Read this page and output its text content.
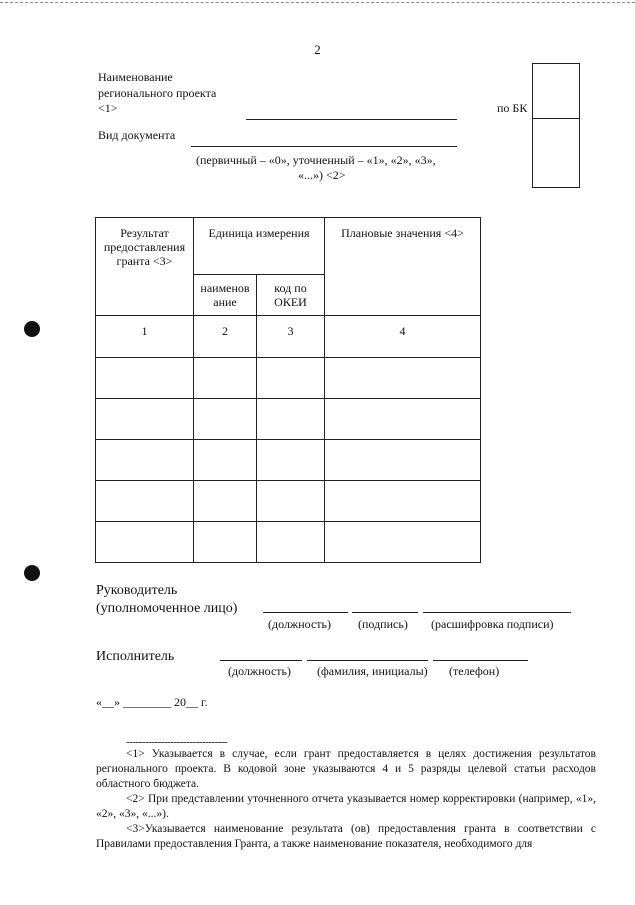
2
Наименование
регионального проекта
<1>	по БК
Вид документа
(первичный – «0», уточненный – «1», «2», «3»,
«...») <2>
Результат предоставления гранта <3>	Единица измерения		Плановые значения <4>

	наименов ание	код по ОКЕИ	

1	2	3	4

Руководитель
(уполномоченное лицо)
(должность) (подпись) (расшифровка подписи)
Исполнитель
(должность) (фамилия, инициалы) (телефон)
«__» ________ 20__ г.
--------------------------------
<1> Указывается в случае, если грант предоставляется в целях достижения результатов регионального проекта. В кодовой зоне указываются 4 и 5 разряды целевой статьи расходов областного бюджета.
<2> При представлении уточненного отчета указывается номер корректировки (например, «1», «2», «3», «...»).
<3>Указывается наименование результата (ов) предоставления гранта в соответствии с Правилами предоставления Гранта, а также наименование показателя, необходимого для
